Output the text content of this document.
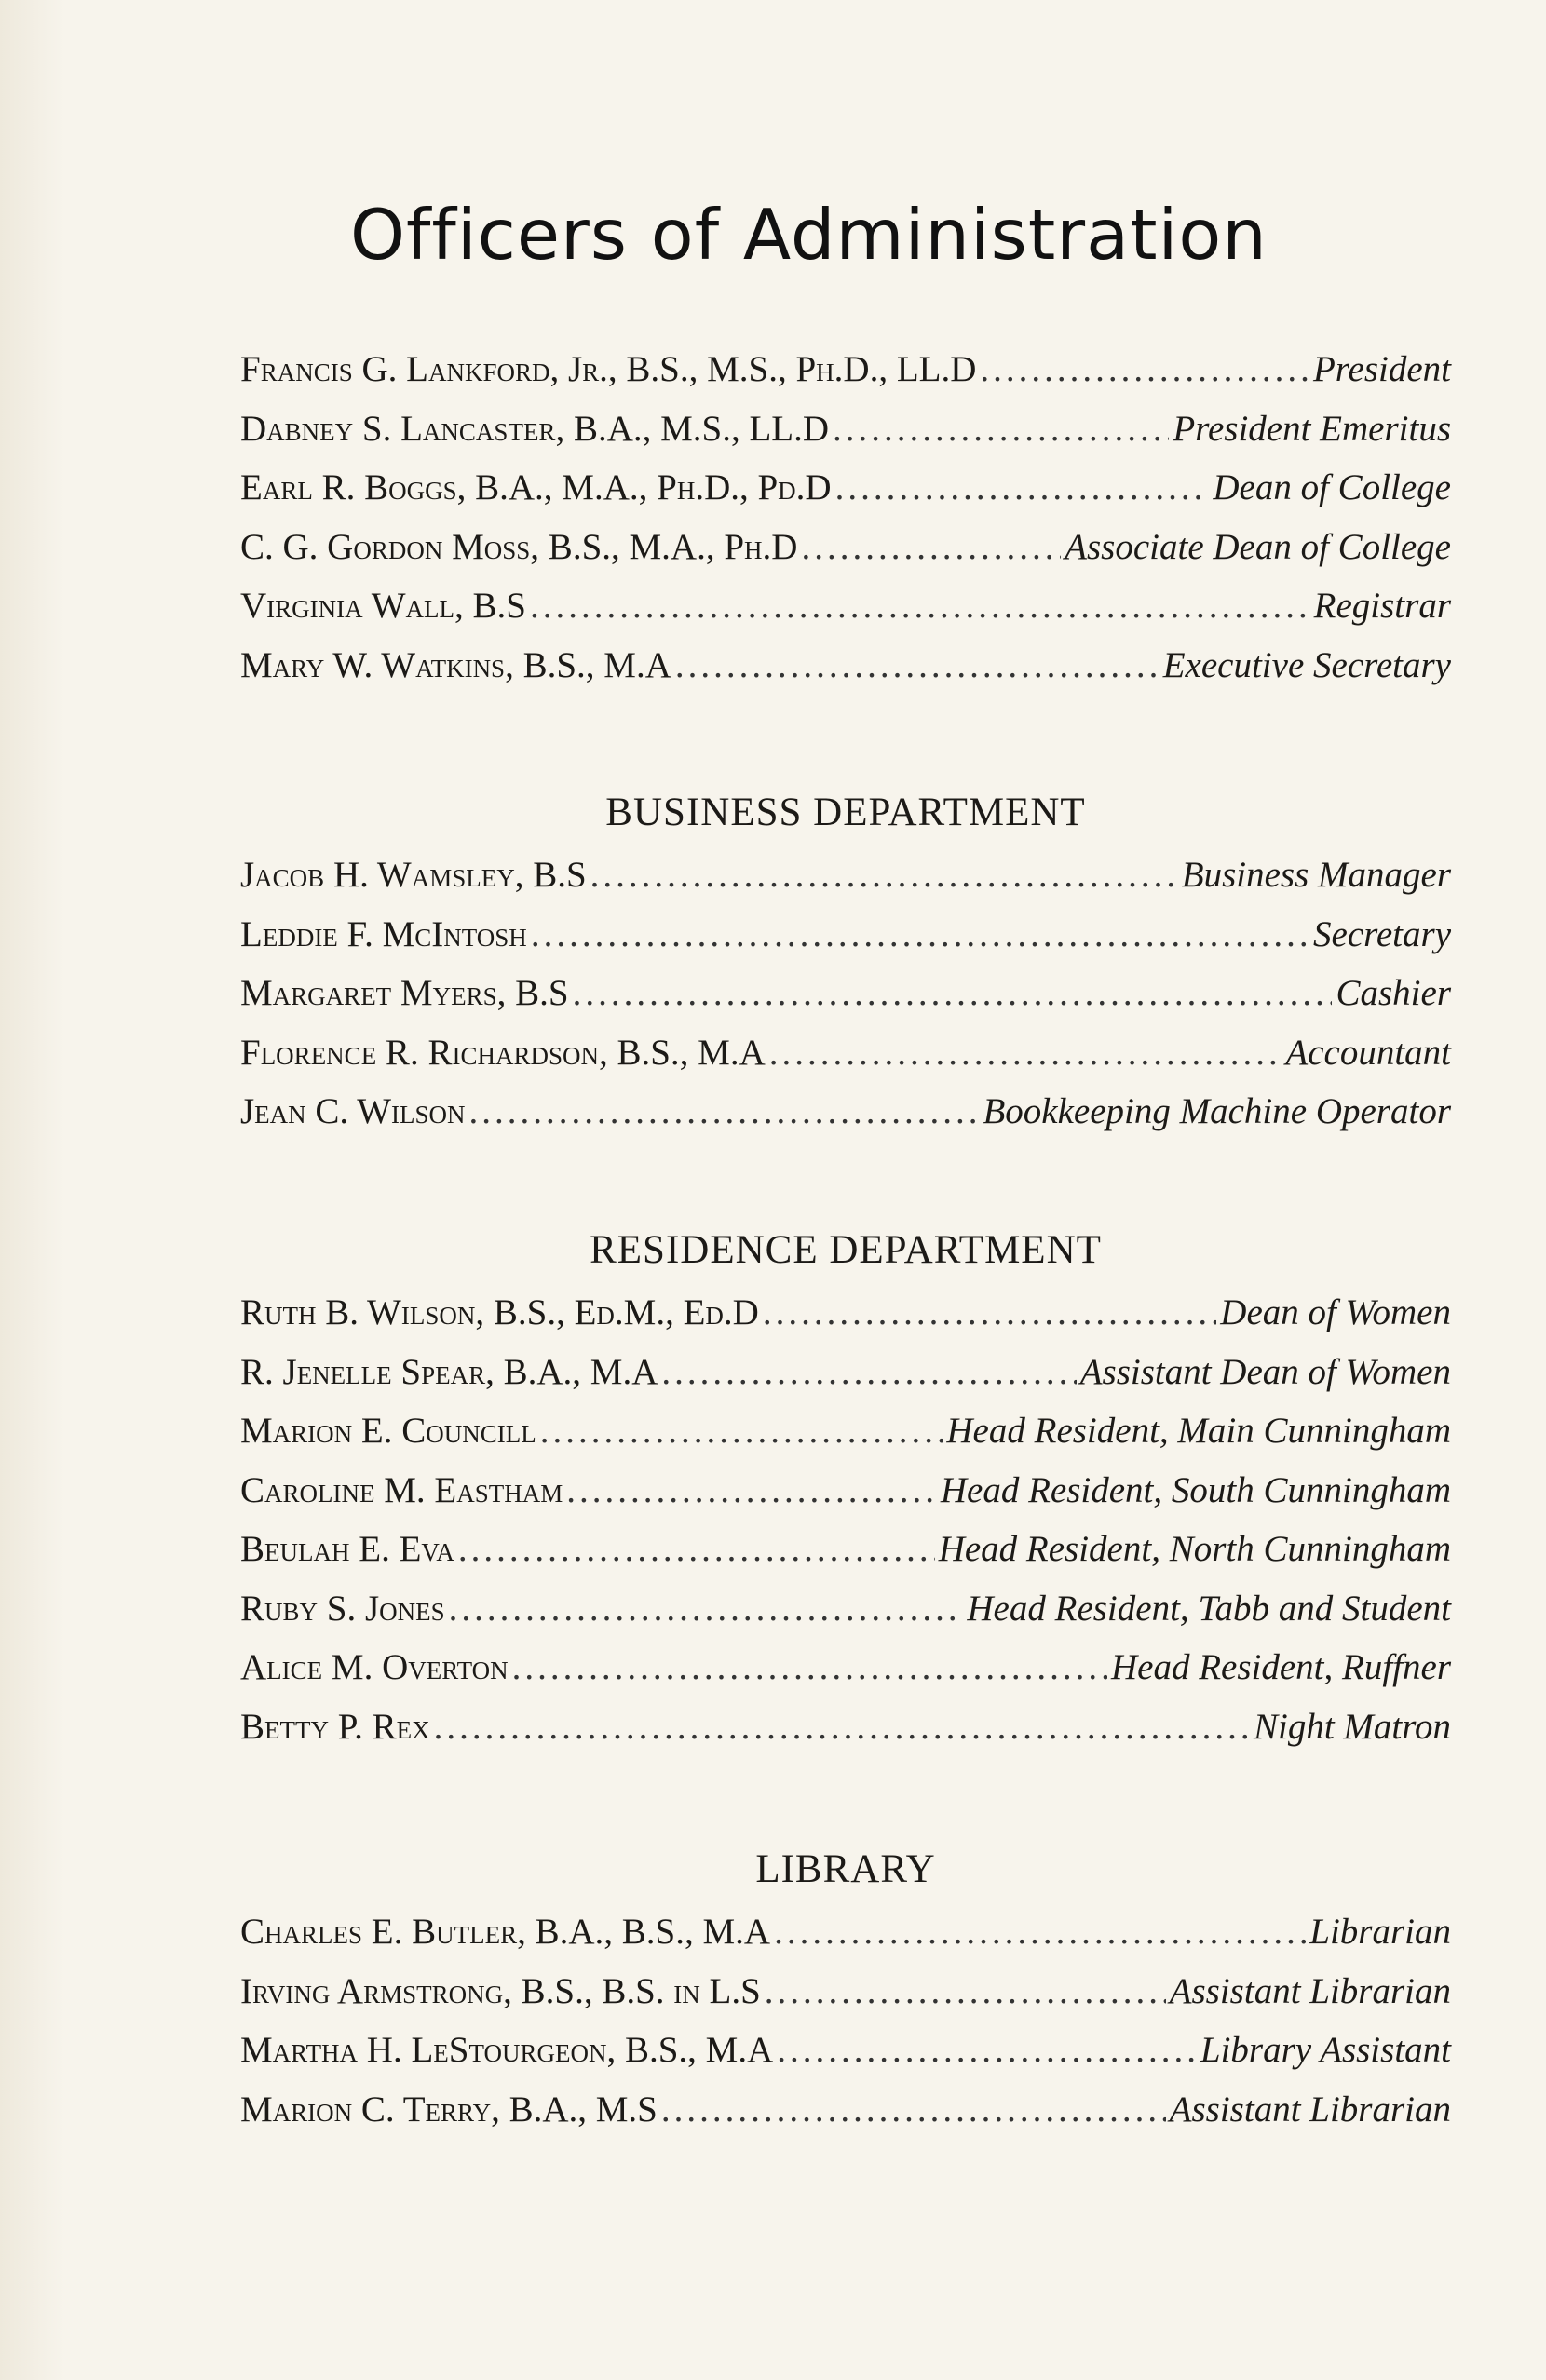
Officers of Administration
Francis G. Lankford, Jr., B.S., M.S., Ph.D., LL.D .....	President
Dabney S. Lancaster, B.A., M.S., LL.D .....	President Emeritus
Earl R. Boggs, B.A., M.A., Ph.D., Pd.D .....	Dean of College
C. G. Gordon Moss, B.S., M.A., Ph.D .....	Associate Dean of College
Virginia Wall, B.S .....	Registrar
Mary W. Watkins, B.S., M.A .....	Executive Secretary
BUSINESS DEPARTMENT
Jacob H. Wamsley, B.S .....	Business Manager
Leddie F. McIntosh .....	Secretary
Margaret Myers, B.S .....	Cashier
Florence R. Richardson, B.S., M.A .....	Accountant
Jean C. Wilson .....	Bookkeeping Machine Operator
RESIDENCE DEPARTMENT
Ruth B. Wilson, B.S., Ed.M., Ed.D .....	Dean of Women
R. Jenelle Spear, B.A., M.A .....	Assistant Dean of Women
Marion E. Councill .....	Head Resident, Main Cunningham
Caroline M. Eastham .....	Head Resident, South Cunningham
Beulah E. Eva .....	Head Resident, North Cunningham
Ruby S. Jones .....	Head Resident, Tabb and Student
Alice M. Overton .....	Head Resident, Ruffner
Betty P. Rex .....	Night Matron
LIBRARY
Charles E. Butler, B.A., B.S., M.A .....	Librarian
Irving Armstrong, B.S., B.S. in L.S .....	Assistant Librarian
Martha H. LeStourgeon, B.S., M.A .....	Library Assistant
Marion C. Terry, B.A., M.S .....	Assistant Librarian
